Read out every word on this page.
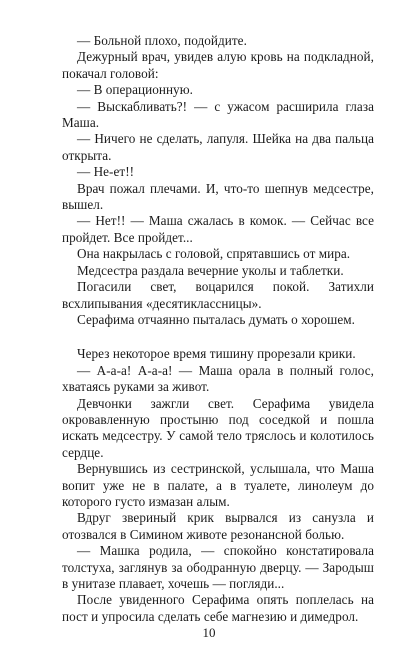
— Больной плохо, подойдите.

Дежурный врач, увидев алую кровь на подкладной, покачал головой:

— В операционную.

— Выскабливать?! — с ужасом расширила глаза Маша.

— Ничего не сделать, лапуля. Шейка на два пальца открыта.

— Не-ет!!

Врач пожал плечами. И, что-то шепнув медсестре, вышел.

— Нет!! — Маша сжалась в комок. — Сейчас все пройдет. Все пройдет...

Она накрылась с головой, спрятавшись от мира.

Медсестра раздала вечерние уколы и таблетки.

Погасили свет, воцарился покой. Затихли всхлипывания «десятиклассницы».

Серафима отчаянно пыталась думать о хорошем.

Через некоторое время тишину прорезали крики.

— А-а-а! А-а-а! — Маша орала в полный голос, хватаясь руками за живот.

Девчонки зажгли свет. Серафима увидела окровавленную простыню под соседкой и пошла искать медсестру. У самой тело тряслось и колотилось сердце.

Вернувшись из сестринской, услышала, что Маша вопит уже не в палате, а в туалете, линолеум до которого густо измазан алым.

Вдруг звериный крик вырвался из санузла и отозвался в Симином животе резонансной болью.

— Машка родила, — спокойно констатировала толстуха, заглянув за ободранную дверцу. — Зародыш в унитазе плавает, хочешь — погляди...

После увиденного Серафима опять поплелась на пост и упросила сделать себе магнезию и димедрол.

10
